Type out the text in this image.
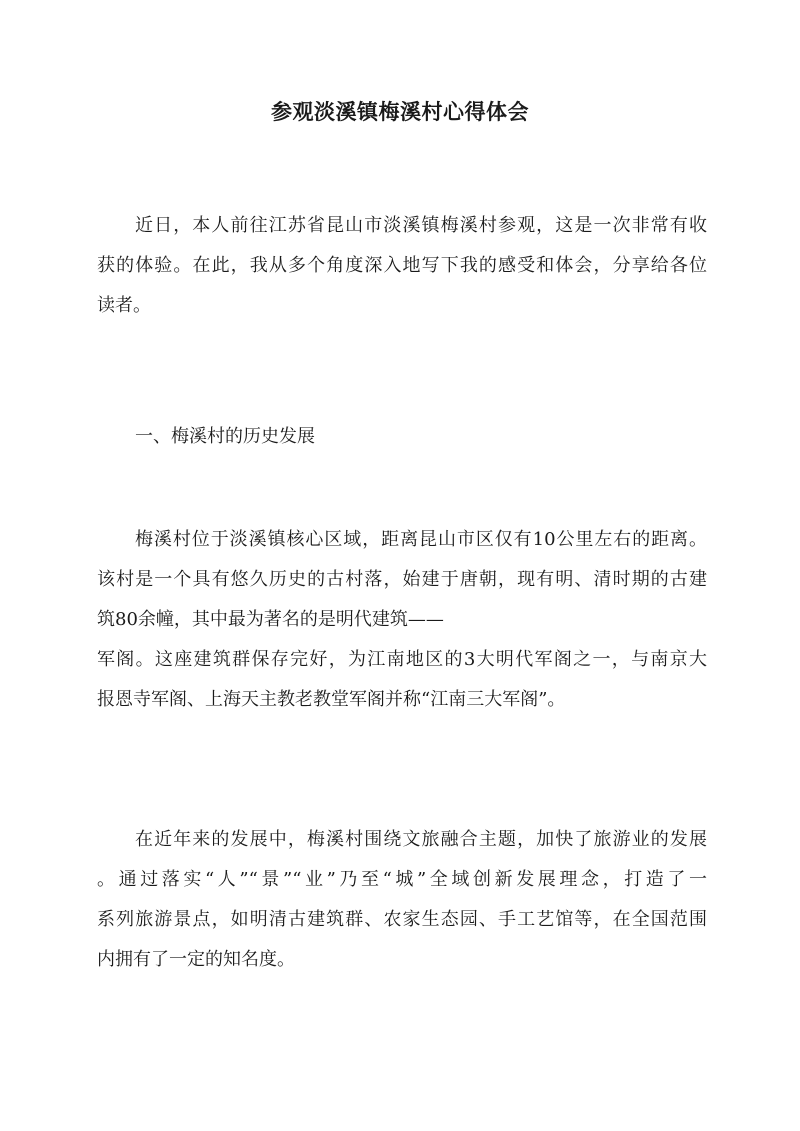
参观淡溪镇梅溪村心得体会

近日，本人前往江苏省昆山市淡溪镇梅溪村参观，这是一次非常有收
获的体验。在此，我从多个角度深入地写下我的感受和体会，分享给各位
读者。

一、梅溪村的历史发展

梅溪村位于淡溪镇核心区域，距离昆山市区仅有10公里左右的距离。
该村是一个具有悠久历史的古村落，始建于唐朝，现有明、清时期的古建
筑80余幢，其中最为著名的是明代建筑——
军阁。这座建筑群保存完好，为江南地区的3大明代军阁之一，与南京大
报恩寺军阁、上海天主教老教堂军阁并称“江南三大军阁”。

在近年来的发展中，梅溪村围绕文旅融合主题，加快了旅游业的发展
。通过落实“人”“景”“业”乃至“城”全域创新发展理念，打造了一
系列旅游景点，如明清古建筑群、农家生态园、手工艺馆等，在全国范围
内拥有了一定的知名度。
